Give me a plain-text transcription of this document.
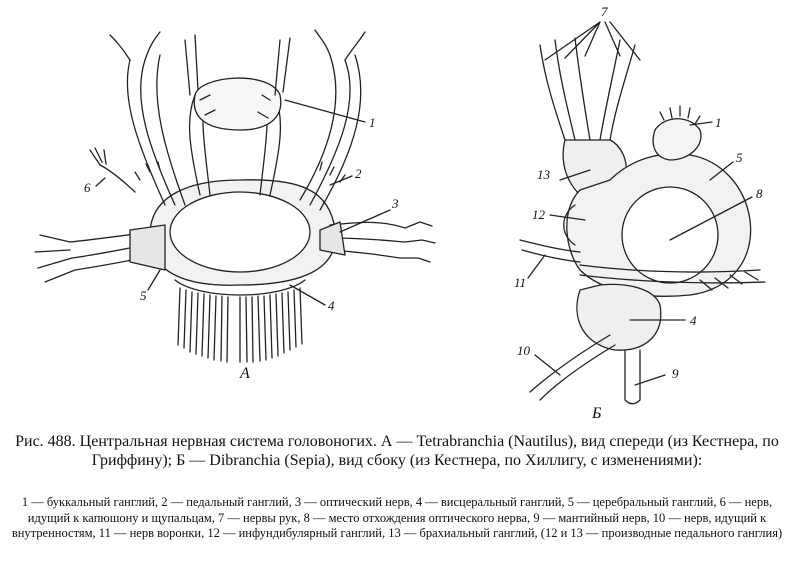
1
2
3
4
5
6
А
7
1
5
13
8
12
11
4
10
9
Б
Рис. 488. Центральная нервная система головоногих. А — Tetrabranchia (Nautilus), вид спереди (из Кестнера, по Гриффину); Б — Dibranchia (Sepia), вид сбоку (из Кестнера, по Хиллигу, с изменениями):
1 — буккальный ганглий, 2 — педальный ганглий, 3 — оптический нерв, 4 — висцеральный ганглий, 5 — церебральный ганглий, 6 — нерв, идущий к капюшону и щупальцам, 7 — нервы рук, 8 — место отхождения оптического нерва, 9 — мантийный нерв, 10 — нерв, идущий к внутренностям, 11 — нерв воронки, 12 — инфундибулярный ганглий, 13 — брахиальный ганглий, (12 и 13 — производные педального ганглия)
